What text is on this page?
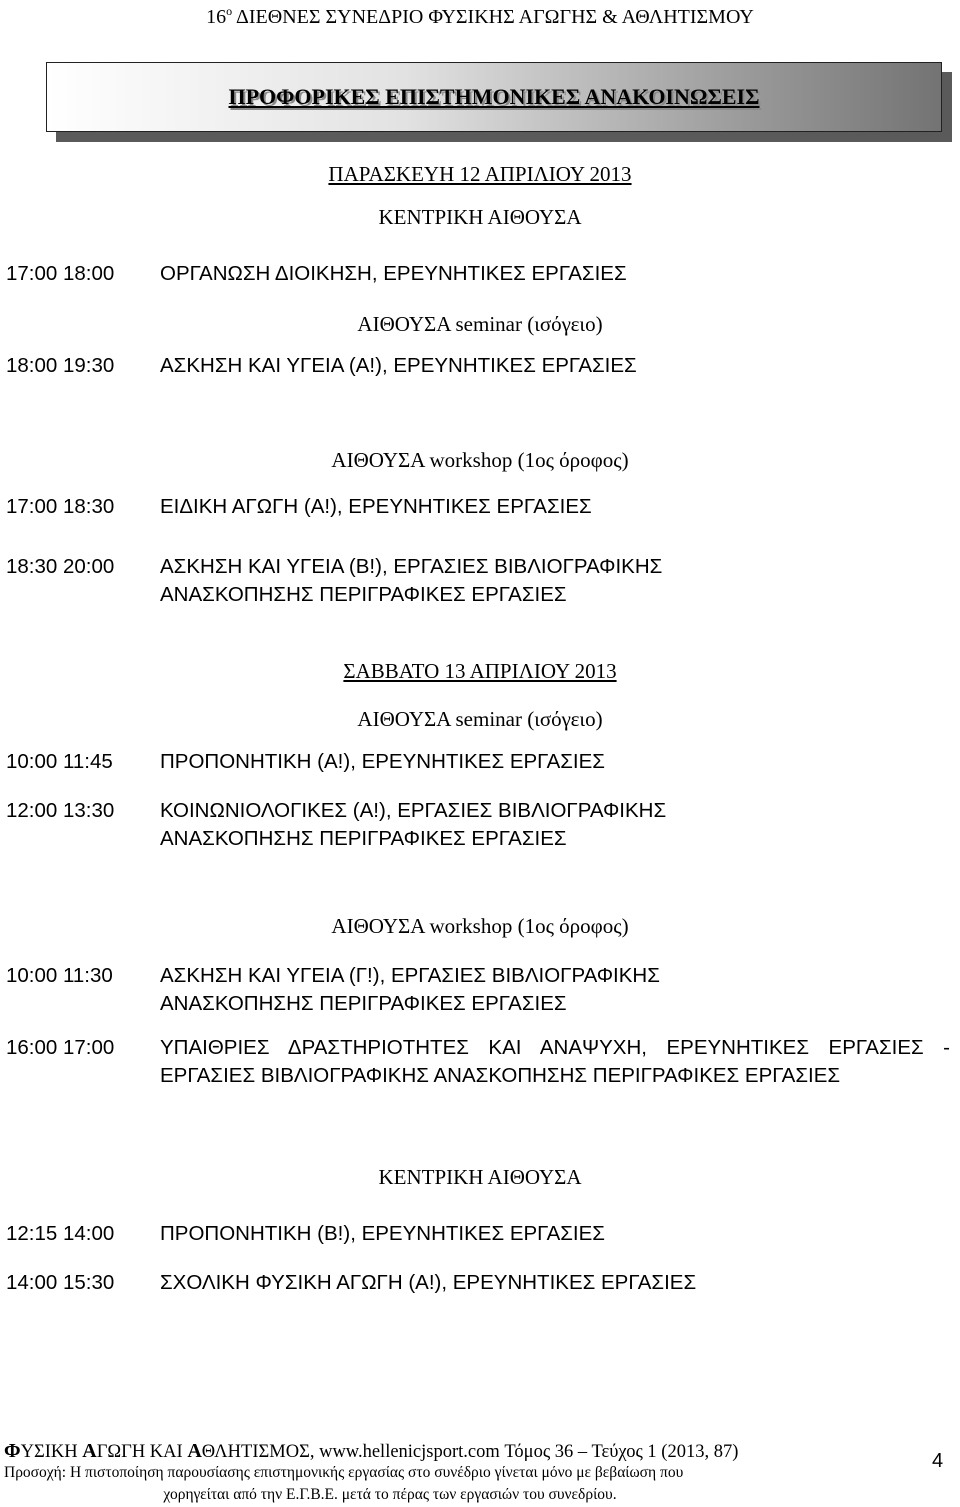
$16^o$ ΔΙΕΘΝΕΣ ΣΥΝΕΔΡΙΟ ΦΥΣΙΚΗΣ ΑΓΩΓΗΣ & ΑΘΛΗΤΙΣΜΟΥ
ΠΡΟΦΟΡΙΚΕΣ ΕΠΙΣΤΗΜΟΝΙΚΕΣ ΑΝΑΚΟΙΝΩΣΕΙΣ
ΠΑΡΑΣΚΕΥΗ 12 ΑΠΡΙΛΙΟΥ 2013
ΚΕΝΤΡΙΚΗ ΑΙΘΟΥΣΑ
17:00 18:00 ΟΡΓΑΝΩΣΗ ΔΙΟΙΚΗΣΗ, ΕΡΕΥΝΗΤΙΚΕΣ ΕΡΓΑΣΙΕΣ
ΑΙΘΟΥΣΑ seminar (ισόγειο)
18:00 19:30 ΑΣΚΗΣΗ ΚΑΙ ΥΓΕΙΑ (Α!), ΕΡΕΥΝΗΤΙΚΕΣ ΕΡΓΑΣΙΕΣ
ΑΙΘΟΥΣΑ workshop (1ος όροφος)
17:00 18:30 ΕΙΔΙΚΗ ΑΓΩΓΗ (Α!), ΕΡΕΥΝΗΤΙΚΕΣ ΕΡΓΑΣΙΕΣ
18:30 20:00 ΑΣΚΗΣΗ ΚΑΙ ΥΓΕΙΑ (Β!), ΕΡΓΑΣΙΕΣ ΒΙΒΛΙΟΓΡΑΦΙΚΗΣ ΑΝΑΣΚΟΠΗΣΗΣ ΠΕΡΙΓΡΑΦΙΚΕΣ ΕΡΓΑΣΙΕΣ
ΣΑΒΒΑΤΟ 13 ΑΠΡΙΛΙΟΥ 2013
ΑΙΘΟΥΣΑ seminar (ισόγειο)
10:00 11:45 ΠΡΟΠΟΝΗΤΙΚΗ (Α!), ΕΡΕΥΝΗΤΙΚΕΣ ΕΡΓΑΣΙΕΣ
12:00 13:30 ΚΟΙΝΩΝΙΟΛΟΓΙΚΕΣ (Α!), ΕΡΓΑΣΙΕΣ ΒΙΒΛΙΟΓΡΑΦΙΚΗΣ ΑΝΑΣΚΟΠΗΣΗΣ ΠΕΡΙΓΡΑΦΙΚΕΣ ΕΡΓΑΣΙΕΣ
ΑΙΘΟΥΣΑ workshop (1ος όροφος)
10:00 11:30 ΑΣΚΗΣΗ ΚΑΙ ΥΓΕΙΑ (Γ!), ΕΡΓΑΣΙΕΣ ΒΙΒΛΙΟΓΡΑΦΙΚΗΣ ΑΝΑΣΚΟΠΗΣΗΣ ΠΕΡΙΓΡΑΦΙΚΕΣ ΕΡΓΑΣΙΕΣ
16:00 17:00 ΥΠΑΙΘΡΙΕΣ ΔΡΑΣΤΗΡΙΟΤΗΤΕΣ ΚΑΙ ΑΝΑΨΥΧΗ, ΕΡΕΥΝΗΤΙΚΕΣ ΕΡΓΑΣΙΕΣ - ΕΡΓΑΣΙΕΣ ΒΙΒΛΙΟΓΡΑΦΙΚΗΣ ΑΝΑΣΚΟΠΗΣΗΣ ΠΕΡΙΓΡΑΦΙΚΕΣ ΕΡΓΑΣΙΕΣ
ΚΕΝΤΡΙΚΗ ΑΙΘΟΥΣΑ
12:15 14:00 ΠΡΟΠΟΝΗΤΙΚΗ (Β!), ΕΡΕΥΝΗΤΙΚΕΣ ΕΡΓΑΣΙΕΣ
14:00 15:30 ΣΧΟΛΙΚΗ ΦΥΣΙΚΗ ΑΓΩΓΗ (Α!), ΕΡΕΥΝΗΤΙΚΕΣ ΕΡΓΑΣΙΕΣ
ΦΥΣΙΚΗ ΑΓΩΓΗ ΚΑΙ ΑΘΛΗΤΙΣΜΟΣ, www.hellenicjsport.com Τόμος 36 – Τεύχος 1 (2013, 87)	4
Προσοχή: Η πιστοποίηση παρουσίασης επιστημονικής εργασίας στο συνέδριο γίνεται μόνο με βεβαίωση που
χορηγείται από την Ε.Γ.Β.Ε. μετά το πέρας των εργασιών του συνεδρίου.
